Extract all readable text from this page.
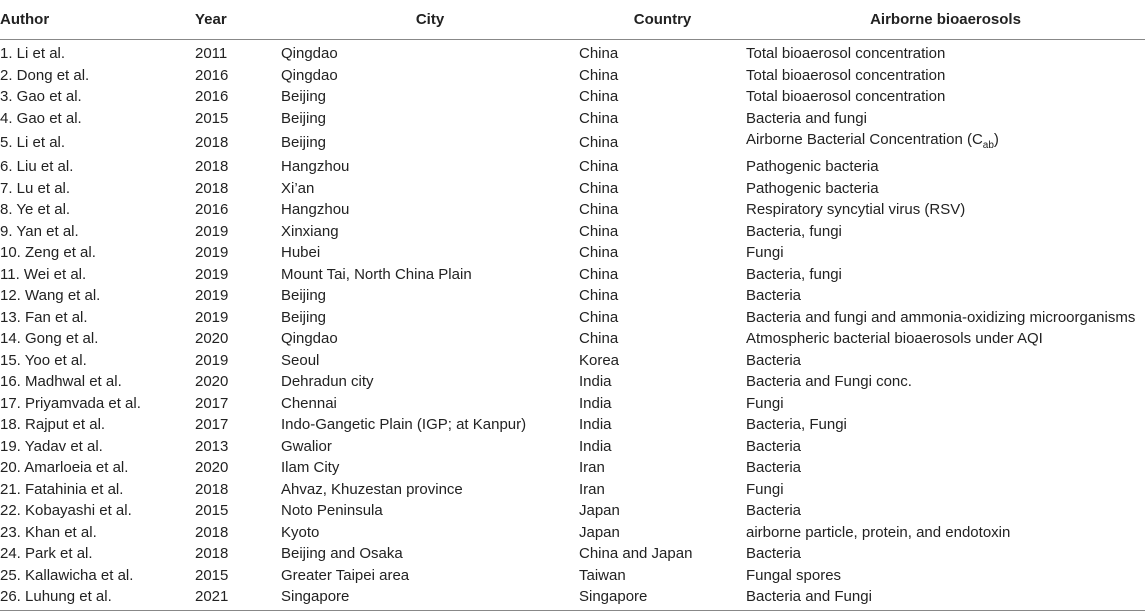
Author	Year	City	Country	Airborne bioaerosols
1. Li et al.	2011	Qingdao	China	Total bioaerosol concentration
2. Dong et al.	2016	Qingdao	China	Total bioaerosol concentration
3. Gao et al.	2016	Beijing	China	Total bioaerosol concentration
4. Gao et al.	2015	Beijing	China	Bacteria and fungi
5. Li et al.	2018	Beijing	China	Airborne Bacterial Concentration $(C_{ab})$
6. Liu et al.	2018	Hangzhou	China	Pathogenic bacteria
7. Lu et al.	2018	Xi’an	China	Pathogenic bacteria
8. Ye et al.	2016	Hangzhou	China	Respiratory syncytial virus (RSV)
9. Yan et al.	2019	Xinxiang	China	Bacteria, fungi
10. Zeng et al.	2019	Hubei	China	Fungi
11. Wei et al.	2019	Mount Tai, North China Plain	China	Bacteria, fungi
12. Wang et al.	2019	Beijing	China	Bacteria
13. Fan et al.	2019	Beijing	China	Bacteria and fungi and ammonia-oxidizing microorganisms
14. Gong et al.	2020	Qingdao	China	Atmospheric bacterial bioaerosols under AQI
15. Yoo et al.	2019	Seoul	Korea	Bacteria
16. Madhwal et al.	2020	Dehradun city	India	Bacteria and Fungi conc.
17. Priyamvada et al.	2017	Chennai	India	Fungi
18. Rajput et al.	2017	Indo-Gangetic Plain (IGP; at Kanpur)	India	Bacteria, Fungi
19. Yadav et al.	2013	Gwalior	India	Bacteria
20. Amarloeia et al.	2020	Ilam City	Iran	Bacteria
21. Fatahinia et al.	2018	Ahvaz, Khuzestan province	Iran	Fungi
22. Kobayashi et al.	2015	Noto Peninsula	Japan	Bacteria
23. Khan et al.	2018	Kyoto	Japan	airborne particle, protein, and endotoxin
24. Park et al.	2018	Beijing and Osaka	China and Japan	Bacteria
25. Kallawicha et al.	2015	Greater Taipei area	Taiwan	Fungal spores
26. Luhung et al.	2021	Singapore	Singapore	Bacteria and Fungi
